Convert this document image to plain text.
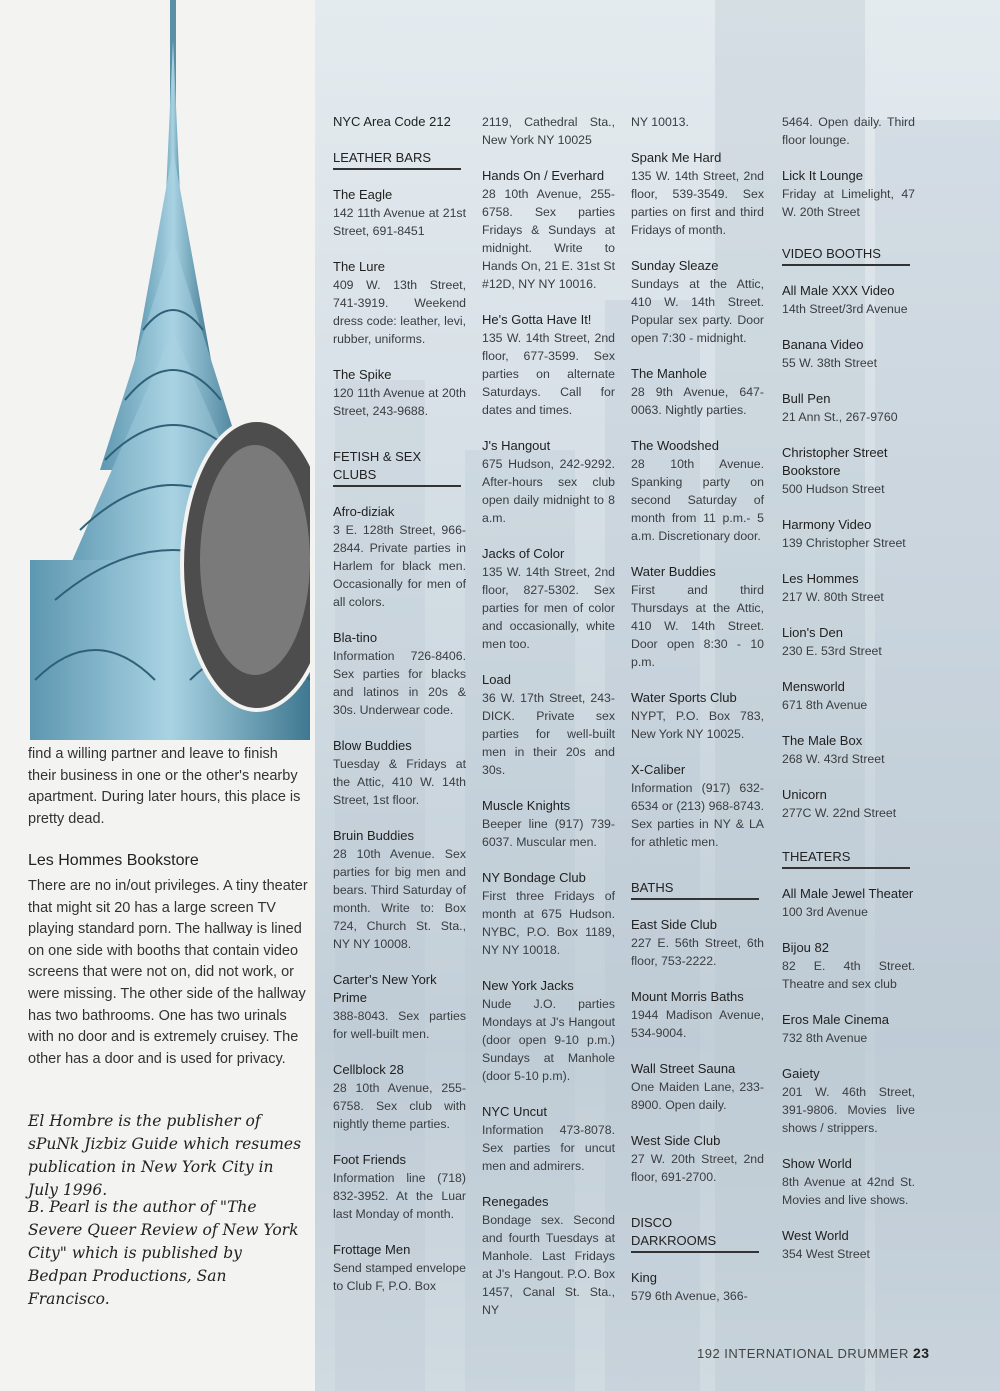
find a willing partner and leave to finish their business in one or the other's nearby apartment. During later hours, this place is pretty dead.
Les Hommes Bookstore
There are no in/out privileges. A tiny theater that might sit 20 has a large screen TV playing standard porn. The hallway is lined on one side with booths that contain video screens that were not on, did not work, or were missing. The other side of the hallway has two bathrooms. One has two urinals with no door and is extremely cruisey. The other has a door and is used for privacy.
El Hombre is the publisher of sPuNk Jizbiz Guide which resumes publication in New York City in July 1996.
B. Pearl is the author of "The Severe Queer Review of New York City" which is published by Bedpan Productions, San Francisco.
NYC Area Code 212
LEATHER BARS
The Eagle
142 11th Avenue at 21st Street, 691-8451
The Lure
409 W. 13th Street, 741-3919. Weekend dress code: leather, levi, rubber, uniforms.
The Spike
120 11th Avenue at 20th Street, 243-9688.
FETISH & SEX CLUBS
Afro-diziak
3 E. 128th Street, 966-2844. Private parties in Harlem for black men. Occasionally for men of all colors.
Bla-tino
Information 726-8406. Sex parties for blacks and latinos in 20s & 30s. Underwear code.
Blow Buddies
Tuesday & Fridays at the Attic, 410 W. 14th Street, 1st floor.
Bruin Buddies
28 10th Avenue. Sex parties for big men and bears. Third Saturday of month. Write to: Box 724, Church St. Sta., NY NY 10008.
Carter's New York Prime
388-8043. Sex parties for well-built men.
Cellblock 28
28 10th Avenue, 255-6758. Sex club with nightly theme parties.
Foot Friends
Information line (718) 832-3952. At the Luar last Monday of month.
Frottage Men
Send stamped envelope to Club F, P.O. Box
2119, Cathedral Sta., New York NY 10025
Hands On / Everhard
28 10th Avenue, 255-6758. Sex parties Fridays & Sundays at midnight. Write to Hands On, 21 E. 31st St #12D, NY NY 10016.
He's Gotta Have It!
135 W. 14th Street, 2nd floor, 677-3599. Sex parties on alternate Saturdays. Call for dates and times.
J's Hangout
675 Hudson, 242-9292. After-hours sex club open daily midnight to 8 a.m.
Jacks of Color
135 W. 14th Street, 2nd floor, 827-5302. Sex parties for men of color and occasionally, white men too.
Load
36 W. 17th Street, 243-DICK. Private sex parties for well-built men in their 20s and 30s.
Muscle Knights
Beeper line (917) 739-6037. Muscular men.
NY Bondage Club
First three Fridays of month at 675 Hudson. NYBC, P.O. Box 1189, NY NY 10018.
New York Jacks
Nude J.O. parties Mondays at J's Hangout (door open 9-10 p.m.) Sundays at Manhole (door 5-10 p.m).
NYC Uncut
Information 473-8078. Sex parties for uncut men and admirers.
Renegades
Bondage sex. Second and fourth Tuesdays at Manhole. Last Fridays at J's Hangout. P.O. Box 1457, Canal St. Sta., NY
NY 10013.
Spank Me Hard
135 W. 14th Street, 2nd floor, 539-3549. Sex parties on first and third Fridays of month.
Sunday Sleaze
Sundays at the Attic, 410 W. 14th Street. Popular sex party. Door open 7:30 - midnight.
The Manhole
28 9th Avenue, 647-0063. Nightly parties.
The Woodshed
28 10th Avenue. Spanking party on second Saturday of month from 11 p.m.- 5 a.m. Discretionary door.
Water Buddies
First and third Thursdays at the Attic, 410 W. 14th Street. Door open 8:30 - 10 p.m.
Water Sports Club
NYPT, P.O. Box 783, New York NY 10025.
X-Caliber
Information (917) 632-6534 or (213) 968-8743. Sex parties in NY & LA for athletic men.
BATHS
East Side Club
227 E. 56th Street, 6th floor, 753-2222.
Mount Morris Baths
1944 Madison Avenue, 534-9004.
Wall Street Sauna
One Maiden Lane, 233-8900. Open daily.
West Side Club
27 W. 20th Street, 2nd floor, 691-2700.
DISCO DARKROOMS
King
579 6th Avenue, 366-
5464. Open daily. Third floor lounge.
Lick It Lounge
Friday at Limelight, 47 W. 20th Street
VIDEO BOOTHS
All Male XXX Video
14th Street/3rd Avenue
Banana Video
55 W. 38th Street
Bull Pen
21 Ann St., 267-9760
Christopher Street Bookstore
500 Hudson Street
Harmony Video
139 Christopher Street
Les Hommes
217 W. 80th Street
Lion's Den
230 E. 53rd Street
Mensworld
671 8th Avenue
The Male Box
268 W. 43rd Street
Unicorn
277C W. 22nd Street
THEATERS
All Male Jewel Theater
100 3rd Avenue
Bijou 82
82 E. 4th Street. Theatre and sex club
Eros Male Cinema
732 8th Avenue
Gaiety
201 W. 46th Street, 391-9806. Movies live shows / strippers.
Show World
8th Avenue at 42nd St. Movies and live shows.
West World
354 West Street
192 INTERNATIONAL DRUMMER 23
